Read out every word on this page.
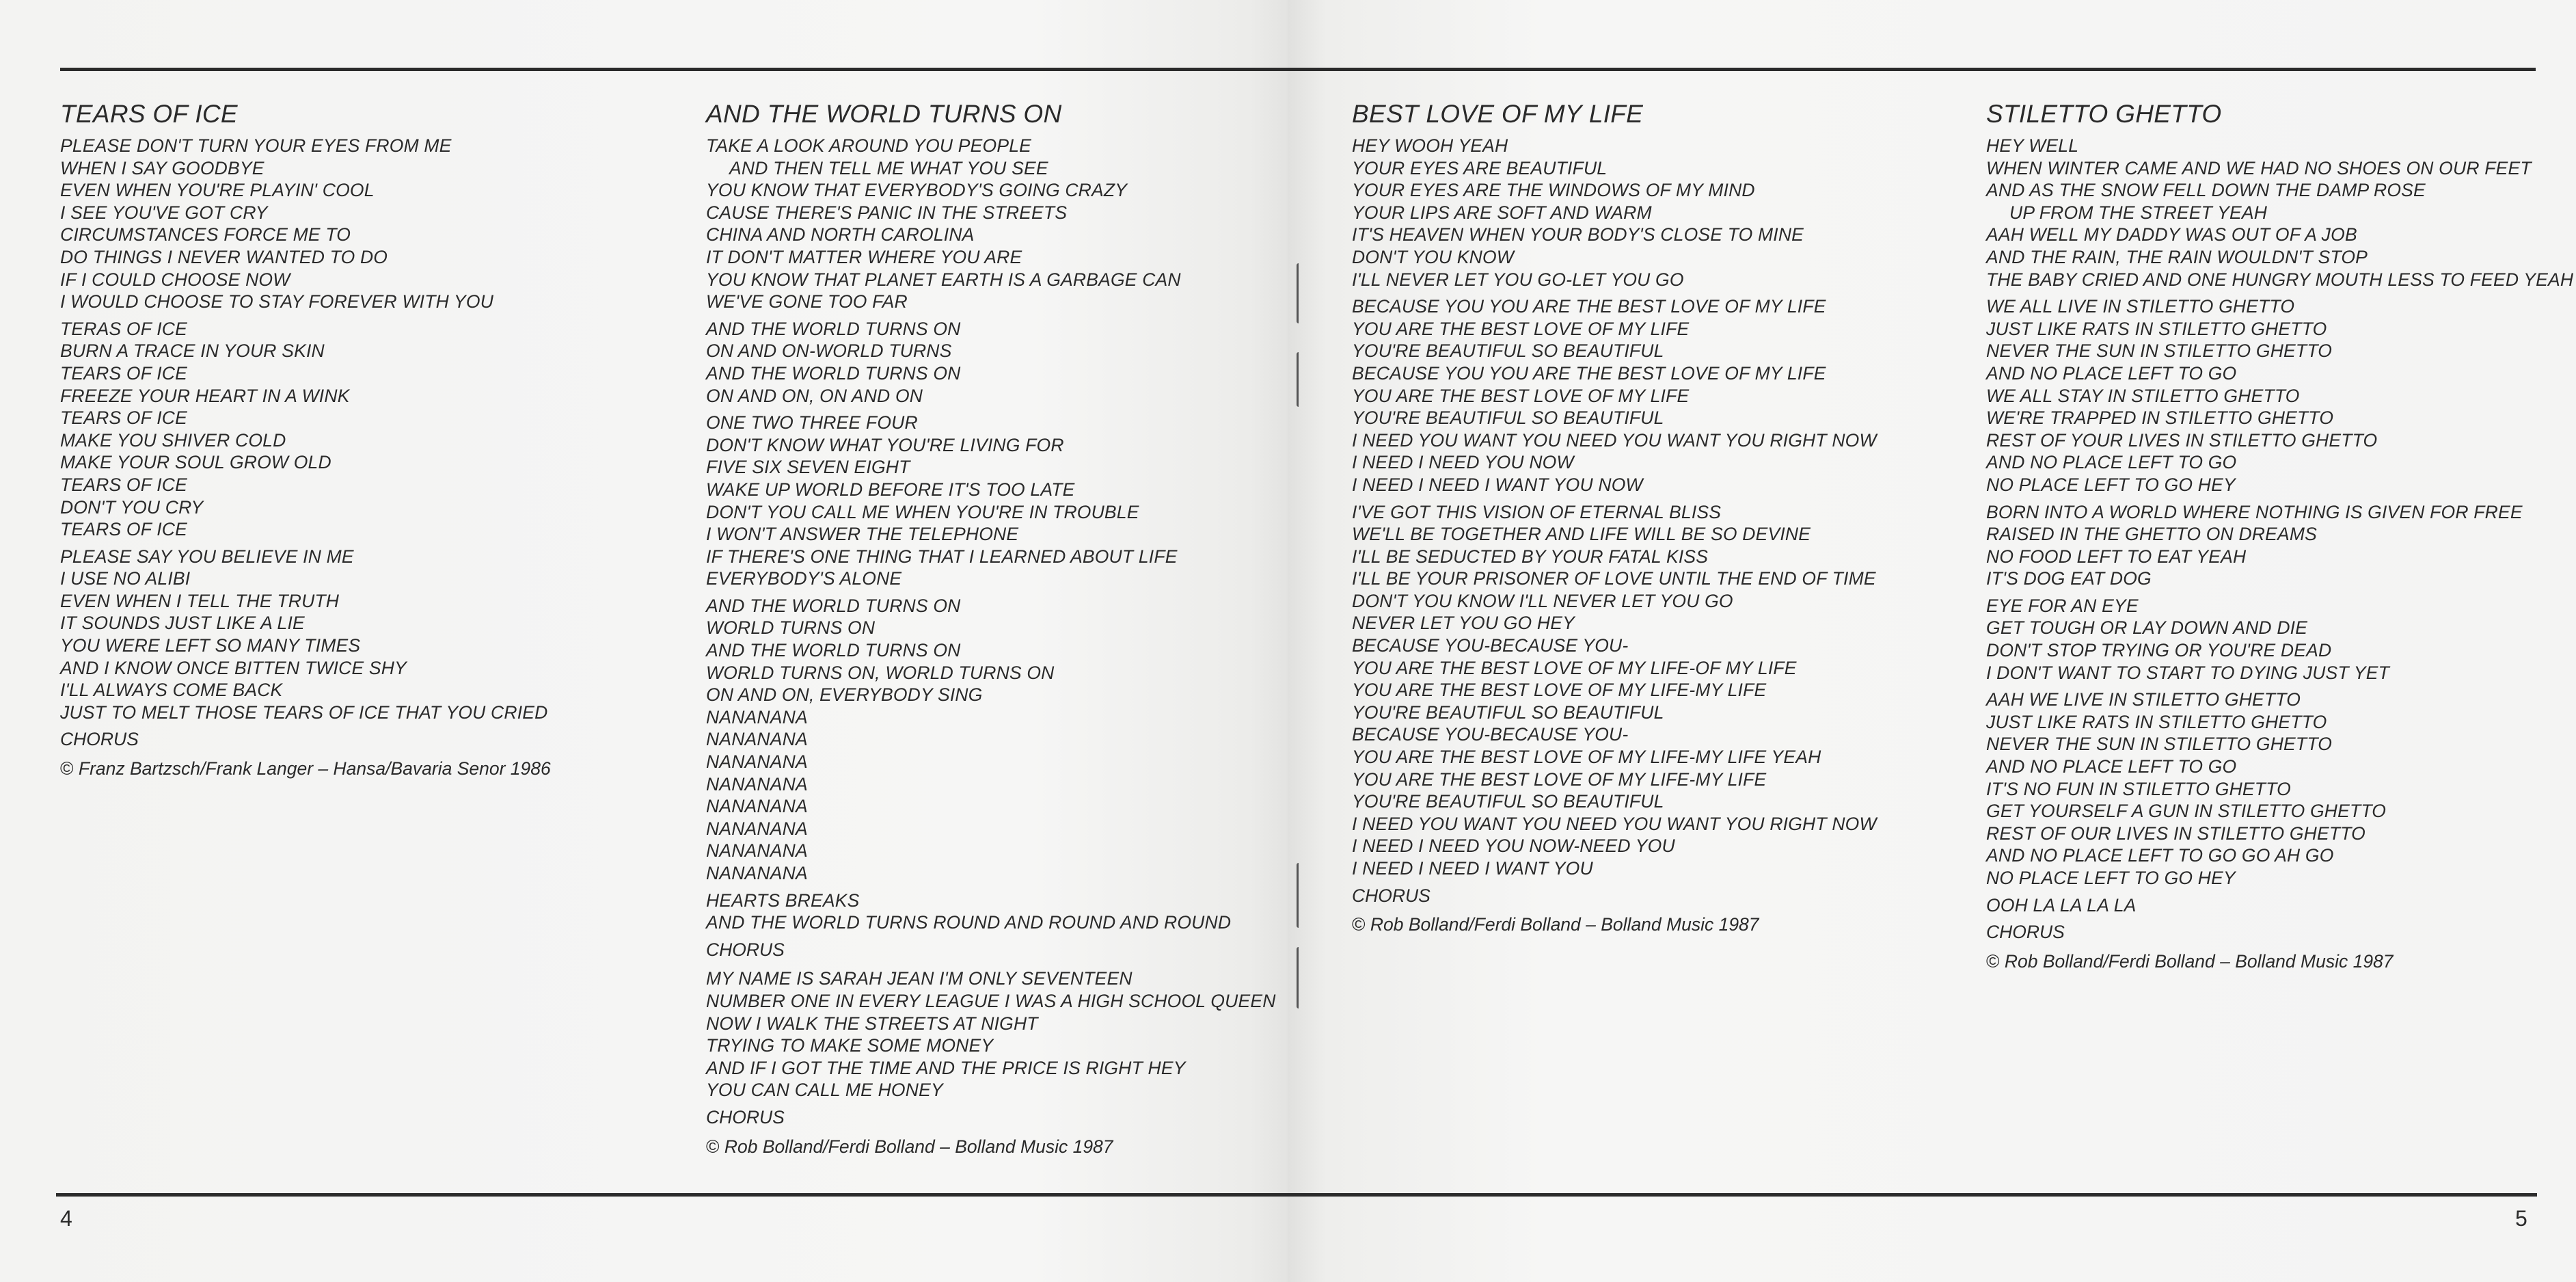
TEARS OF ICE
PLEASE DON'T TURN YOUR EYES FROM ME
WHEN I SAY GOODBYE
EVEN WHEN YOU'RE PLAYIN' COOL
I SEE YOU'VE GOT CRY
CIRCUMSTANCES FORCE ME TO
DO THINGS I NEVER WANTED TO DO
IF I COULD CHOOSE NOW
I WOULD CHOOSE TO STAY FOREVER WITH YOU
TERAS OF ICE
BURN A TRACE IN YOUR SKIN
TEARS OF ICE
FREEZE YOUR HEART IN A WINK
TEARS OF ICE
MAKE YOU SHIVER COLD
MAKE YOUR SOUL GROW OLD
TEARS OF ICE
DON'T YOU CRY
TEARS OF ICE
PLEASE SAY YOU BELIEVE IN ME
I USE NO ALIBI
EVEN WHEN I TELL THE TRUTH
IT SOUNDS JUST LIKE A LIE
YOU WERE LEFT SO MANY TIMES
AND I KNOW ONCE BITTEN TWICE SHY
I'LL ALWAYS COME BACK
JUST TO MELT THOSE TEARS OF ICE THAT YOU CRIED
CHORUS
© Franz Bartzsch/Frank Langer – Hansa/Bavaria Senor 1986
AND THE WORLD TURNS ON
TAKE A LOOK AROUND YOU PEOPLE
AND THEN TELL ME WHAT YOU SEE
YOU KNOW THAT EVERYBODY'S GOING CRAZY
CAUSE THERE'S PANIC IN THE STREETS
CHINA AND NORTH CAROLINA
IT DON'T MATTER WHERE YOU ARE
YOU KNOW THAT PLANET EARTH IS A GARBAGE CAN
WE'VE GONE TOO FAR
AND THE WORLD TURNS ON
ON AND ON-WORLD TURNS
AND THE WORLD TURNS ON
ON AND ON, ON AND ON
ONE TWO THREE FOUR
DON'T KNOW WHAT YOU'RE LIVING FOR
FIVE SIX SEVEN EIGHT
WAKE UP WORLD BEFORE IT'S TOO LATE
DON'T YOU CALL ME WHEN YOU'RE IN TROUBLE
I WON'T ANSWER THE TELEPHONE
IF THERE'S ONE THING THAT I LEARNED ABOUT LIFE
EVERYBODY'S ALONE
AND THE WORLD TURNS ON
WORLD TURNS ON
AND THE WORLD TURNS ON
WORLD TURNS ON, WORLD TURNS ON
ON AND ON, EVERYBODY SING
NANANANA
NANANANA
NANANANA
NANANANA
NANANANA
NANANANA
NANANANA
NANANANA
HEARTS BREAKS
AND THE WORLD TURNS ROUND AND ROUND AND ROUND
CHORUS
MY NAME IS SARAH JEAN I'M ONLY SEVENTEEN
NUMBER ONE IN EVERY LEAGUE I WAS A HIGH SCHOOL QUEEN
NOW I WALK THE STREETS AT NIGHT
TRYING TO MAKE SOME MONEY
AND IF I GOT THE TIME AND THE PRICE IS RIGHT HEY
YOU CAN CALL ME HONEY
CHORUS
© Rob Bolland/Ferdi Bolland – Bolland Music 1987
BEST LOVE OF MY LIFE
HEY WOOH YEAH
YOUR EYES ARE BEAUTIFUL
YOUR EYES ARE THE WINDOWS OF MY MIND
YOUR LIPS ARE SOFT AND WARM
IT'S HEAVEN WHEN YOUR BODY'S CLOSE TO MINE
DON'T YOU KNOW
I'LL NEVER LET YOU GO-LET YOU GO
BECAUSE YOU YOU ARE THE BEST LOVE OF MY LIFE
YOU ARE THE BEST LOVE OF MY LIFE
YOU'RE BEAUTIFUL SO BEAUTIFUL
BECAUSE YOU YOU ARE THE BEST LOVE OF MY LIFE
YOU ARE THE BEST LOVE OF MY LIFE
YOU'RE BEAUTIFUL SO BEAUTIFUL
I NEED YOU WANT YOU NEED YOU WANT YOU RIGHT NOW
I NEED I NEED YOU NOW
I NEED I NEED I WANT YOU NOW
I'VE GOT THIS VISION OF ETERNAL BLISS
WE'LL BE TOGETHER AND LIFE WILL BE SO DEVINE
I'LL BE SEDUCTED BY YOUR FATAL KISS
I'LL BE YOUR PRISONER OF LOVE UNTIL THE END OF TIME
DON'T YOU KNOW I'LL NEVER LET YOU GO
NEVER LET YOU GO HEY
BECAUSE YOU-BECAUSE YOU-
YOU ARE THE BEST LOVE OF MY LIFE-OF MY LIFE
YOU ARE THE BEST LOVE OF MY LIFE-MY LIFE
YOU'RE BEAUTIFUL SO BEAUTIFUL
BECAUSE YOU-BECAUSE YOU-
YOU ARE THE BEST LOVE OF MY LIFE-MY LIFE YEAH
YOU ARE THE BEST LOVE OF MY LIFE-MY LIFE
YOU'RE BEAUTIFUL SO BEAUTIFUL
I NEED YOU WANT YOU NEED YOU WANT YOU RIGHT NOW
I NEED I NEED YOU NOW-NEED YOU
I NEED I NEED I WANT YOU
CHORUS
© Rob Bolland/Ferdi Bolland – Bolland Music 1987
STILETTO GHETTO
HEY WELL
WHEN WINTER CAME AND WE HAD NO SHOES ON OUR FEET
AND AS THE SNOW FELL DOWN THE DAMP ROSE
UP FROM THE STREET YEAH
AAH WELL MY DADDY WAS OUT OF A JOB
AND THE RAIN, THE RAIN WOULDN'T STOP
THE BABY CRIED AND ONE HUNGRY MOUTH LESS TO FEED YEAH
WE ALL LIVE IN STILETTO GHETTO
JUST LIKE RATS IN STILETTO GHETTO
NEVER THE SUN IN STILETTO GHETTO
AND NO PLACE LEFT TO GO
WE ALL STAY IN STILETTO GHETTO
WE'RE TRAPPED IN STILETTO GHETTO
REST OF YOUR LIVES IN STILETTO GHETTO
AND NO PLACE LEFT TO GO
NO PLACE LEFT TO GO HEY
BORN INTO A WORLD WHERE NOTHING IS GIVEN FOR FREE
RAISED IN THE GHETTO ON DREAMS
NO FOOD LEFT TO EAT YEAH
IT'S DOG EAT DOG
EYE FOR AN EYE
GET TOUGH OR LAY DOWN AND DIE
DON'T STOP TRYING OR YOU'RE DEAD
I DON'T WANT TO START TO DYING JUST YET
AAH WE LIVE IN STILETTO GHETTO
JUST LIKE RATS IN STILETTO GHETTO
NEVER THE SUN IN STILETTO GHETTO
AND NO PLACE LEFT TO GO
IT'S NO FUN IN STILETTO GHETTO
GET YOURSELF A GUN IN STILETTO GHETTO
REST OF OUR LIVES IN STILETTO GHETTO
AND NO PLACE LEFT TO GO GO AH GO
NO PLACE LEFT TO GO HEY
OOH LA LA LA LA
CHORUS
© Rob Bolland/Ferdi Bolland – Bolland Music 1987
4	5
